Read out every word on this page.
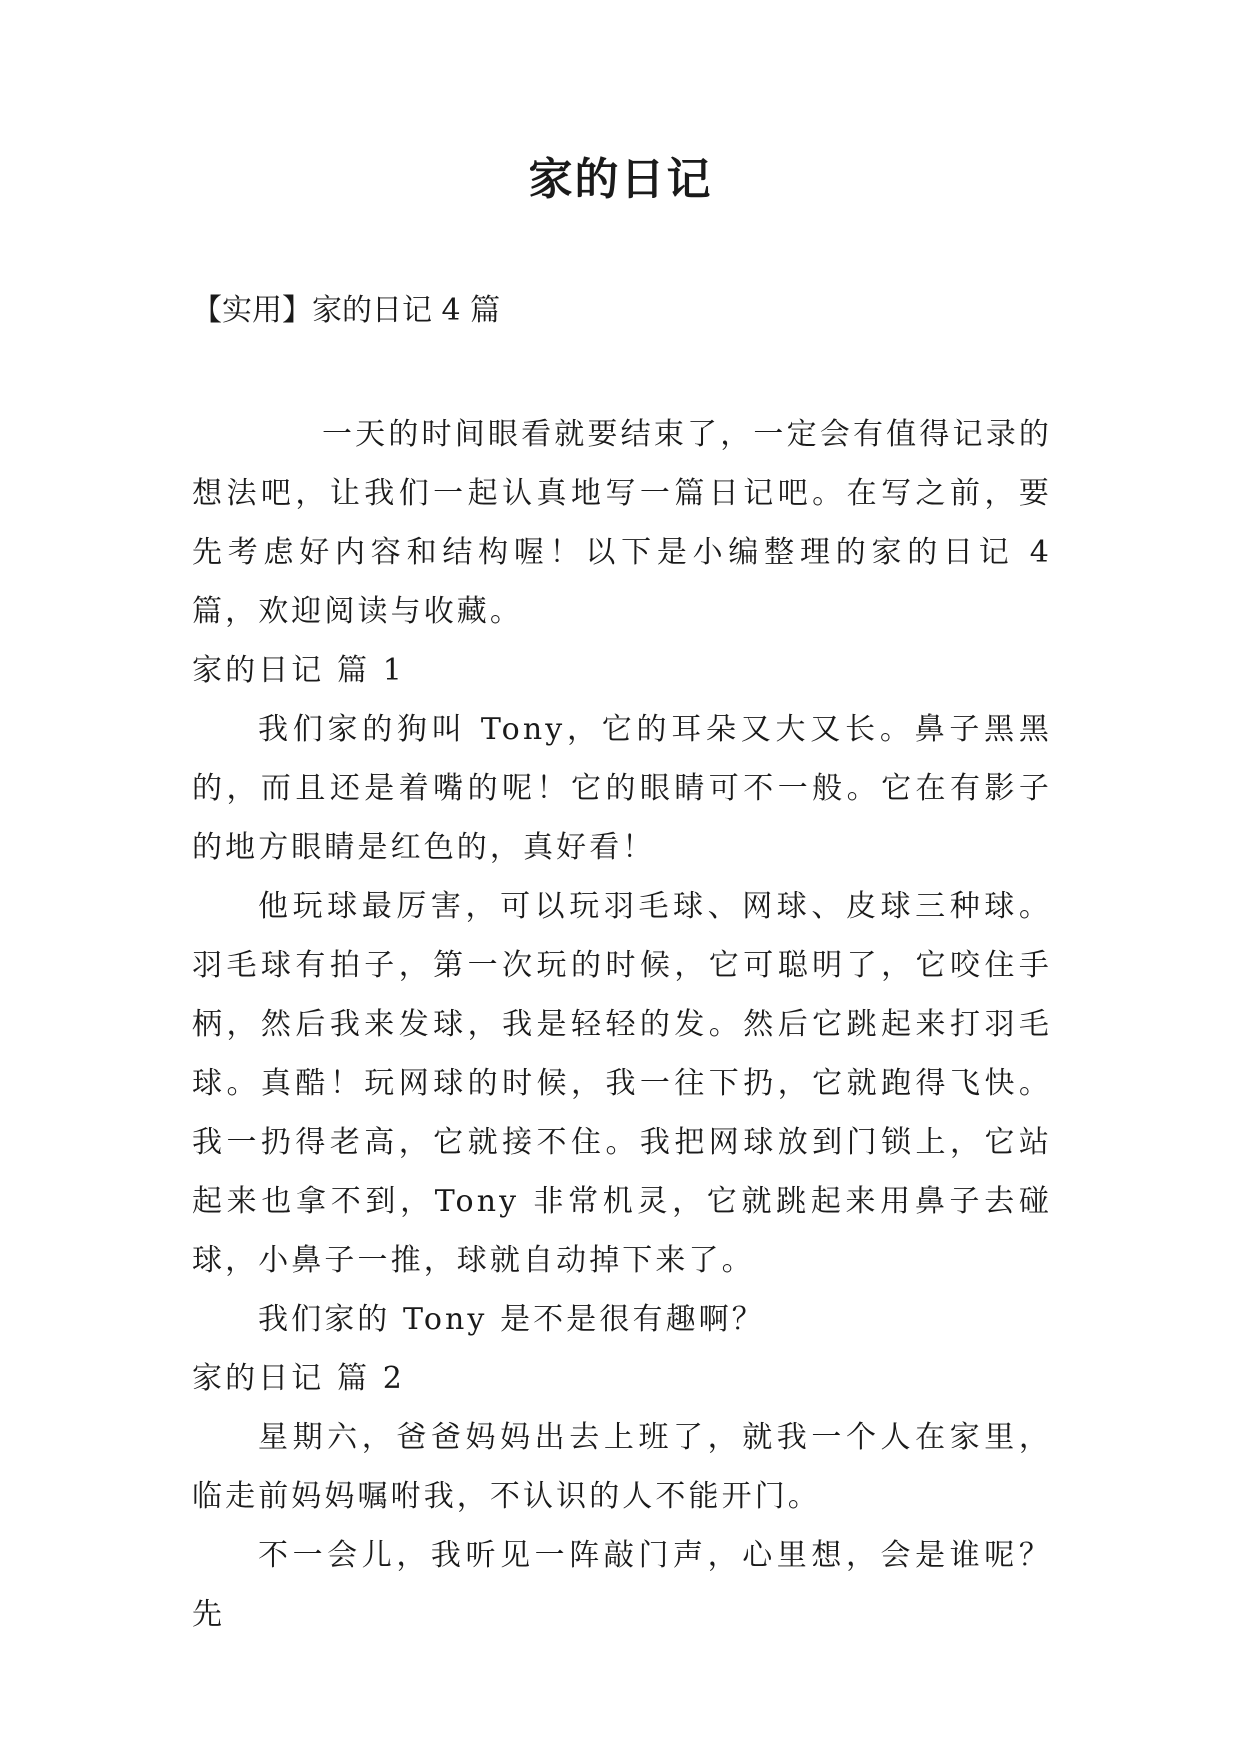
家的日记

【实用】家的日记 4 篇

一天的时间眼看就要结束了，一定会有值得记录的想法吧，让我们一起认真地写一篇日记吧。在写之前，要先考虑好内容和结构喔！以下是小编整理的家的日记 4 篇，欢迎阅读与收藏。

家的日记 篇 1

我们家的狗叫 Tony，它的耳朵又大又长。鼻子黑黑的，而且还是着嘴的呢！它的眼睛可不一般。它在有影子的地方眼睛是红色的，真好看！

他玩球最厉害，可以玩羽毛球、网球、皮球三种球。羽毛球有拍子，第一次玩的时候，它可聪明了，它咬住手柄，然后我来发球，我是轻轻的发。然后它跳起来打羽毛球。真酷！玩网球的时候，我一往下扔，它就跑得飞快。我一扔得老高，它就接不住。我把网球放到门锁上，它站起来也拿不到，Tony 非常机灵，它就跳起来用鼻子去碰球，小鼻子一推，球就自动掉下来了。

我们家的 Tony 是不是很有趣啊？

家的日记 篇 2

星期六，爸爸妈妈出去上班了，就我一个人在家里，临走前妈妈嘱咐我，不认识的人不能开门。

不一会儿，我听见一阵敲门声，心里想，会是谁呢？先
